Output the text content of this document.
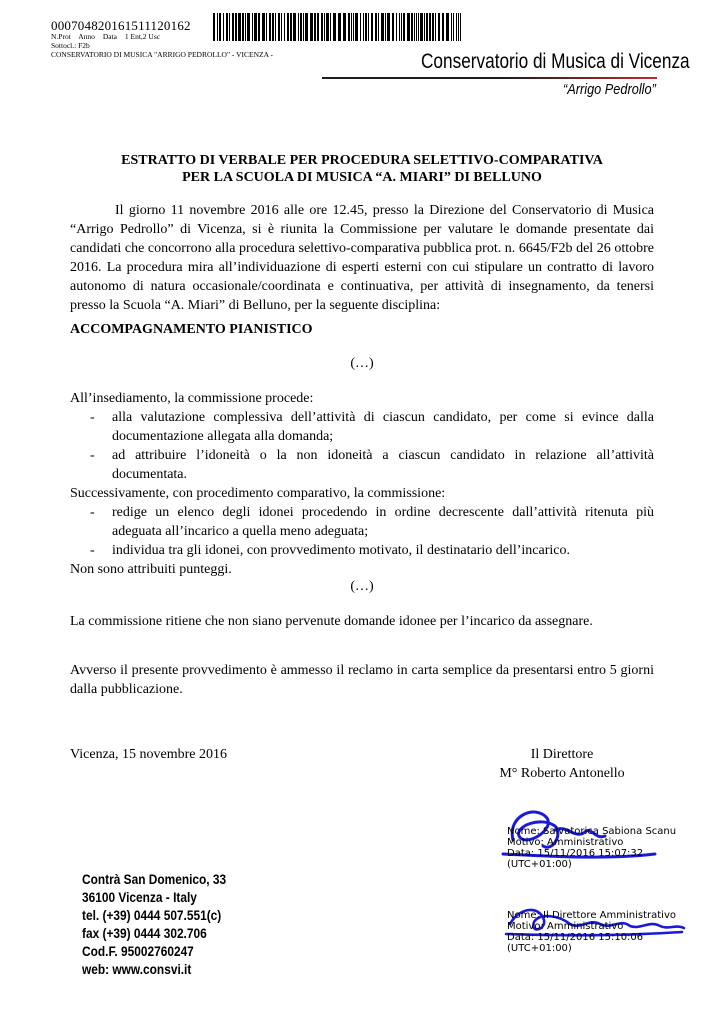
000704820161511120162
N.Prot Anno Data 1 Ent,2 Usc
Sottocl.: F2b
CONSERVATORIO DI MUSICA "ARRIGO PEDROLLO" - VICENZA -	Conservatorio di Musica di Vicenza
“Arrigo Pedrollo”
ESTRATTO DI VERBALE PER PROCEDURA SELETTIVO-COMPARATIVA
PER LA SCUOLA DI MUSICA “A. MIARI” DI BELLUNO
Il giorno 11 novembre 2016 alle ore 12.45, presso la Direzione del Conservatorio di Musica “Arrigo Pedrollo” di Vicenza, si è riunita la Commissione per valutare le domande presentate dai candidati che concorrono alla procedura selettivo-comparativa pubblica prot. n. 6645/F2b del 26 ottobre 2016. La procedura mira all’individuazione di esperti esterni con cui stipulare un contratto di lavoro autonomo di natura occasionale/coordinata e continuativa, per attività di insegnamento, da tenersi presso la Scuola “A. Miari” di Belluno, per la seguente disciplina:
ACCOMPAGNAMENTO PIANISTICO
(…)
All’insediamento, la commissione procede:
- alla valutazione complessiva dell’attività di ciascun candidato, per come si evince dalla documentazione allegata alla domanda;
- ad attribuire l’idoneità o la non idoneità a ciascun candidato in relazione all’attività documentata.
Successivamente, con procedimento comparativo, la commissione:
- redige un elenco degli idonei procedendo in ordine decrescente dall’attività ritenuta più adeguata all’incarico a quella meno adeguata;
- individua tra gli idonei, con provvedimento motivato, il destinatario dell’incarico.
Non sono attribuiti punteggi.
(…)
La commissione ritiene che non siano pervenute domande idonee per l’incarico da assegnare.
Avverso il presente provvedimento è ammesso il reclamo in carta semplice da presentarsi entro 5 giorni dalla pubblicazione.
Vicenza, 15 novembre 2016	Il Direttore
M° Roberto Antonello
Nome: Salvatorica Sabiona Scanu
Motivo: Amministrativo
Data: 15/11/2016 15:07:32
(UTC+01:00)
Nome: Il Direttore Amministrativo
Motivo: Amministrativo
Data: 15/11/2016 15:10:06
(UTC+01:00)
Contrà San Domenico, 33
36100 Vicenza - Italy
tel. (+39) 0444 507.551(c)
fax (+39) 0444 302.706
Cod.F. 95002760247
web: www.consvi.it
